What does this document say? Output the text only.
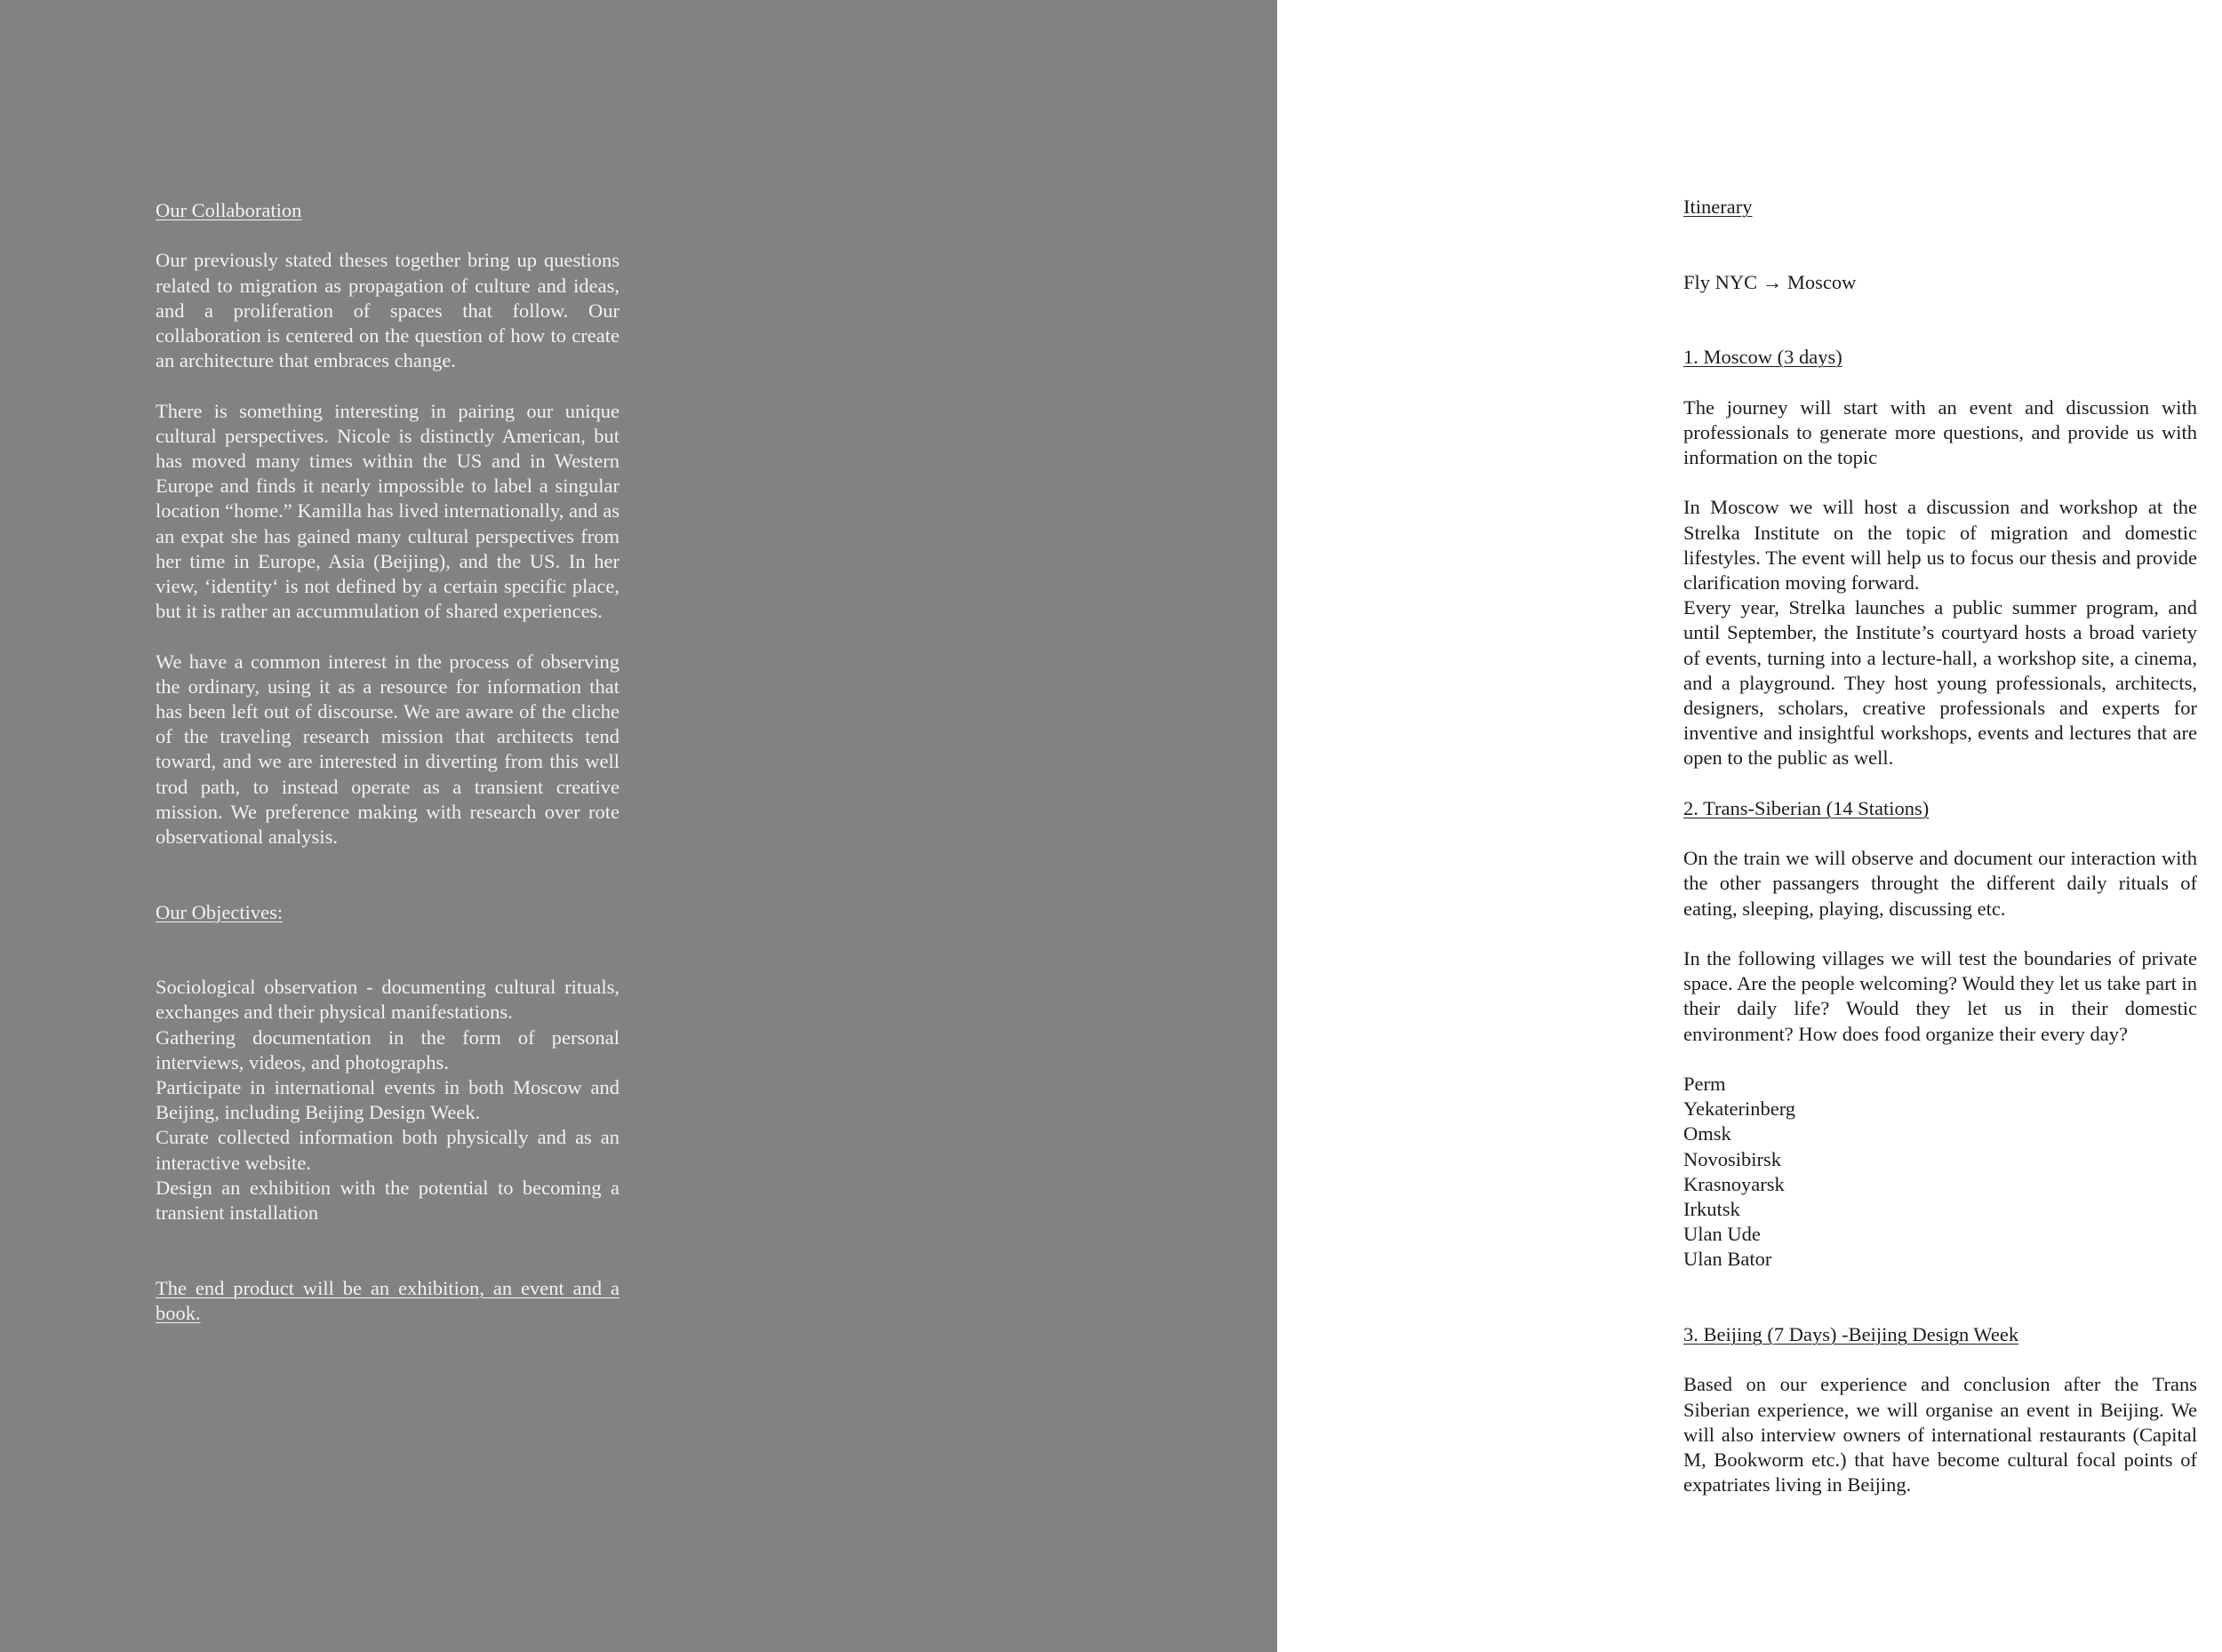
Our Collaboration

Our previously stated theses together bring up questions related to migration as propagation of culture and ideas, and a proliferation of spaces that follow. Our collaboration is centered on the question of how to create an architecture that embraces change.

There is something interesting in pairing our unique cultural perspectives. Nicole is distinctly American, but has moved many times within the US and in Western Europe and finds it nearly impossible to label a singular location “home.” Kamilla has lived internationally, and as an expat she has gained many cultural perspectives from her time in Europe, Asia (Beijing), and the US. In her view, ‘identity‘ is not defined by a certain specific place, but it is rather an accummulation of shared experiences.

We have a common interest in the process of observing the ordinary, using it as a resource for information that has been left out of discourse. We are aware of the cliche of the traveling research mission that architects tend toward, and we are interested in diverting from this well trod path, to instead operate as a transient creative mission. We preference making with research over rote observational analysis.

Our Objectives:

Sociological observation - documenting cultural rituals, exchanges and their physical manifestations.

Gathering documentation in the form of personal interviews, videos, and photographs.

Participate in international events in both Moscow and Beijing, including Beijing Design Week.

Curate collected information both physically and as an interactive website.

Design an exhibition with the potential to becoming a transient installation

The end product will be an exhibition, an event and a book.

Itinerary

Fly NYC → Moscow

1. Moscow (3 days)

The journey will start with an event and discussion with professionals to generate more questions, and provide us with information on the topic

In Moscow we will host a discussion and workshop at the Strelka Institute on the topic of migration and domestic lifestyles. The event will help us to focus our thesis and provide clarification moving forward.

Every year, Strelka launches a public summer program, and until September, the Institute’s courtyard hosts a broad variety of events, turning into a lecture-hall, a workshop site, a cinema, and a playground. They host young professionals, architects, designers, scholars, creative professionals and experts for inventive and insightful workshops, events and lectures that are open to the public as well.

2. Trans-Siberian (14 Stations)

On the train we will observe and document our interaction with the other passangers throught the different daily rituals of eating, sleeping, playing, discussing etc.

In the following villages we will test the boundaries of private space. Are the people welcoming? Would they let us take part in their daily life? Would they let us in their domestic environment? How does food organize their every day?

Perm

Yekaterinberg

Omsk

Novosibirsk

Krasnoyarsk

Irkutsk

Ulan Ude

Ulan Bator

3. Beijing (7 Days) -Beijing Design Week

Based on our experience and conclusion after the Trans Siberian experience, we will organise an event in Beijing. We will also interview owners of international restaurants (Capital M, Bookworm etc.) that have become cultural focal points of expatriates living in Beijing.
